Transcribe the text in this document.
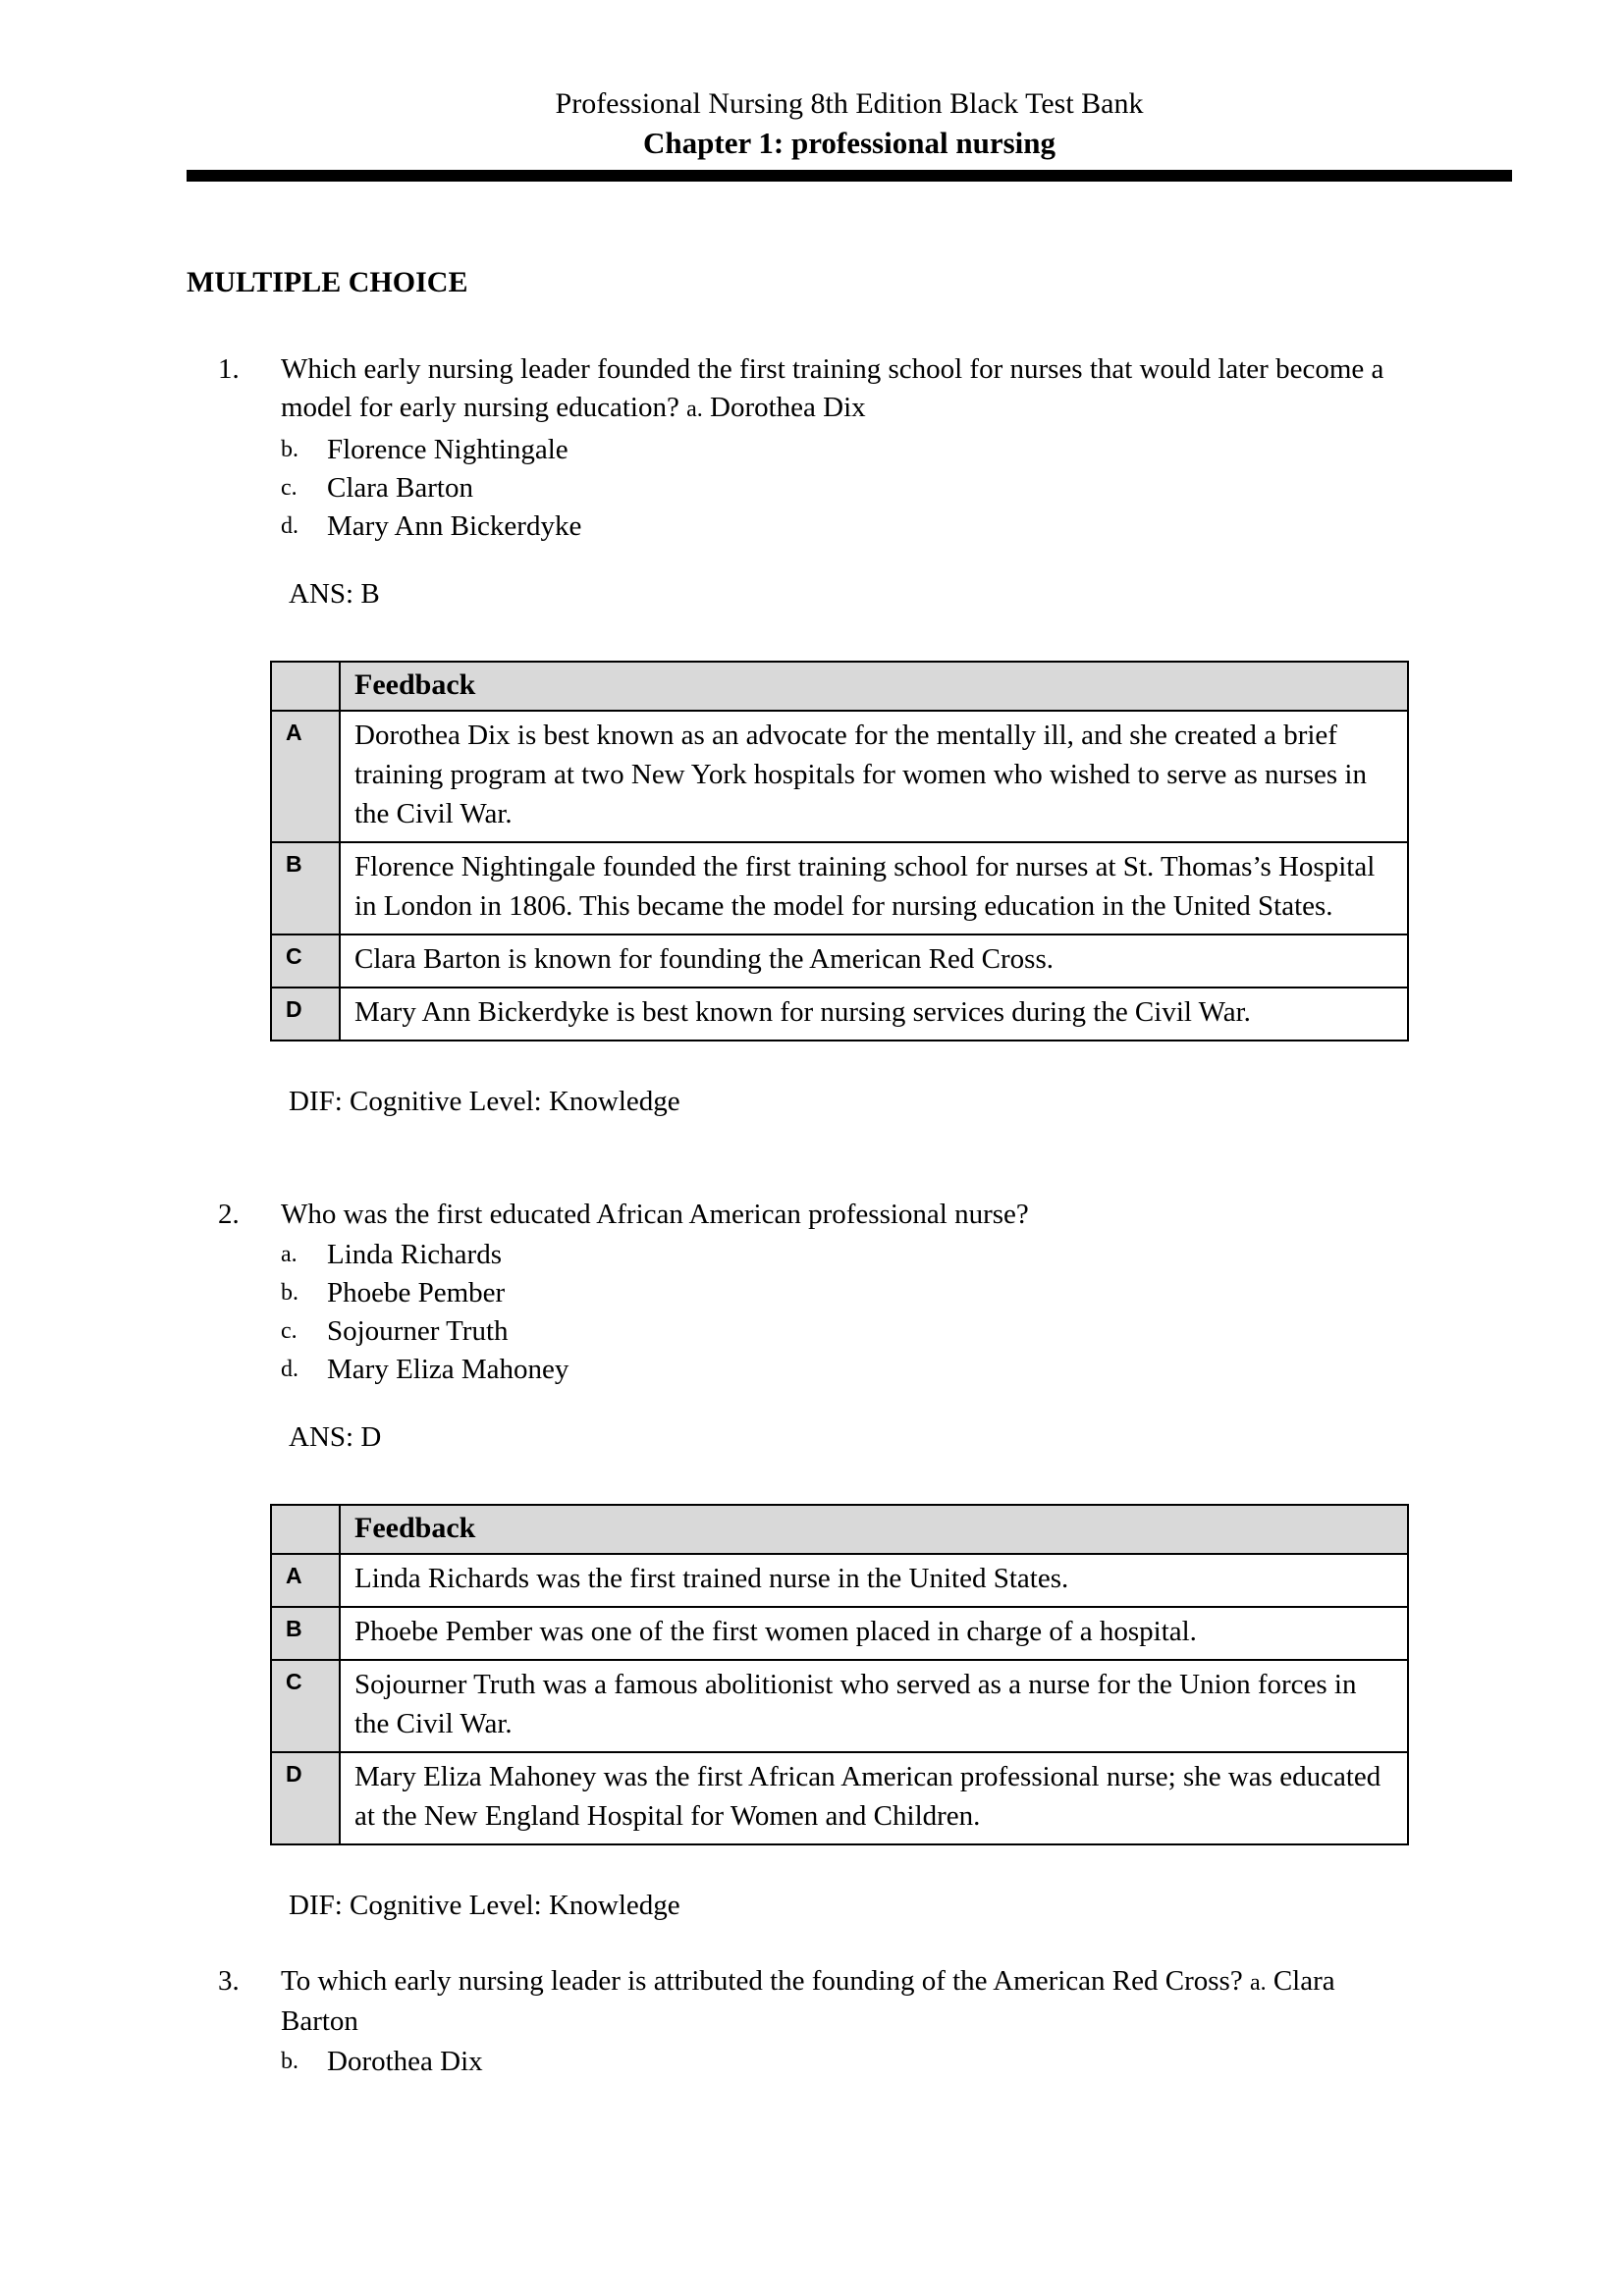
Professional Nursing 8th Edition Black Test Bank
Chapter 1: professional nursing
MULTIPLE CHOICE
1.	Which early nursing leader founded the first training school for nurses that would later become a model for early nursing education? a. Dorothea Dix
b.	Florence Nightingale
c.	Clara Barton
d.	Mary Ann Bickerdyke
ANS: B
	Feedback
A	Dorothea Dix is best known as an advocate for the mentally ill, and she created a brief training program at two New York hospitals for women who wished to serve as nurses in the Civil War.
B	Florence Nightingale founded the first training school for nurses at St. Thomas’s Hospital in London in 1806. This became the model for nursing education in the United States.
C	Clara Barton is known for founding the American Red Cross.
D	Mary Ann Bickerdyke is best known for nursing services during the Civil War.
DIF: Cognitive Level: Knowledge
2.	Who was the first educated African American professional nurse?
a.	Linda Richards
b.	Phoebe Pember
c.	Sojourner Truth
d.	Mary Eliza Mahoney
ANS: D
	Feedback
A	Linda Richards was the first trained nurse in the United States.
B	Phoebe Pember was one of the first women placed in charge of a hospital.
C	Sojourner Truth was a famous abolitionist who served as a nurse for the Union forces in the Civil War.
D	Mary Eliza Mahoney was the first African American professional nurse; she was educated at the New England Hospital for Women and Children.
DIF: Cognitive Level: Knowledge
3.	To which early nursing leader is attributed the founding of the American Red Cross? a. Clara Barton
b.	Dorothea Dix
